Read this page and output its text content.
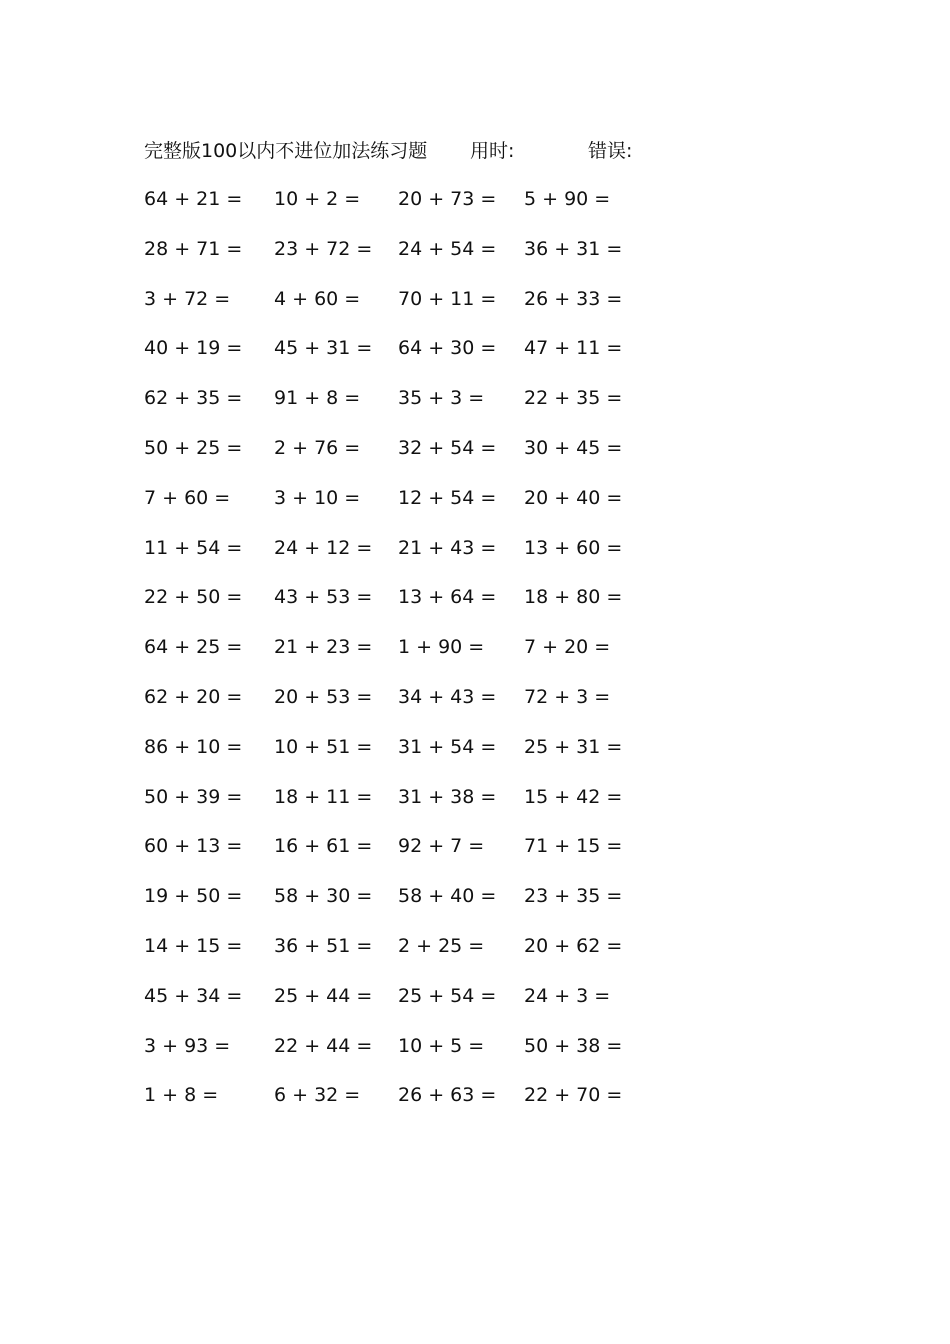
完整版100以内不进位加法练习题 用时:	错误:
64 + 21 = 10 + 2 = 20 + 73 = 5 + 90 =
28 + 71 = 23 + 72 = 24 + 54 = 36 + 31 =
3 + 72 = 4 + 60 = 70 + 11 = 26 + 33 =
40 + 19 = 45 + 31 = 64 + 30 = 47 + 11 =
62 + 35 = 91 + 8 = 35 + 3 = 22 + 35 =
50 + 25 = 2 + 76 = 32 + 54 = 30 + 45 =
7 + 60 = 3 + 10 = 12 + 54 = 20 + 40 =
11 + 54 = 24 + 12 = 21 + 43 = 13 + 60 =
22 + 50 = 43 + 53 = 13 + 64 = 18 + 80 =
64 + 25 = 21 + 23 = 1 + 90 = 7 + 20 =
62 + 20 = 20 + 53 = 34 + 43 = 72 + 3 =
86 + 10 = 10 + 51 = 31 + 54 = 25 + 31 =
50 + 39 = 18 + 11 = 31 + 38 = 15 + 42 =
60 + 13 = 16 + 61 = 92 + 7 = 71 + 15 =
19 + 50 = 58 + 30 = 58 + 40 = 23 + 35 =
14 + 15 = 36 + 51 = 2 + 25 = 20 + 62 =
45 + 34 = 25 + 44 = 25 + 54 = 24 + 3 =
3 + 93 = 22 + 44 = 10 + 5 = 50 + 38 =
1 + 8 =	6 + 32 = 26 + 63 = 22 + 70 =
